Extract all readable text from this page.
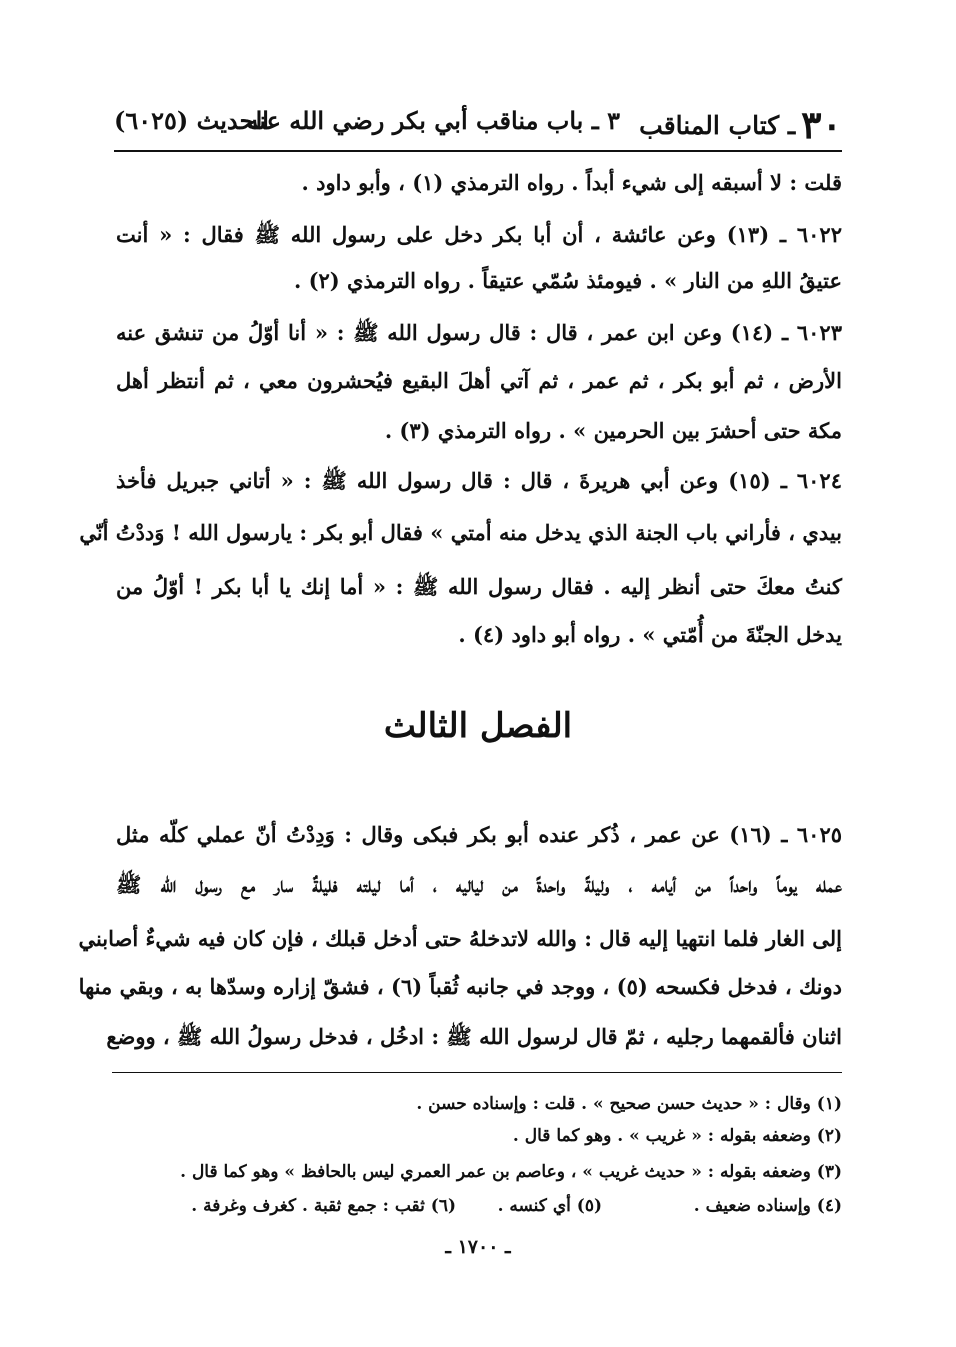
٣٠ـ كتاب المناقب
٣ ـ باب مناقب أبي بكر رضي الله عنه
الحديث (٦٠٢٥)
قلت : لا أسبقه إلى شيء أبداً . رواه الترمذي (١) ، وأبو داود .
٦٠٢٢ ـ (١٣) وعن عائشة ، أن أبا بكر دخل على رسول الله ﷺ فقال : « أنت
عتيقُ اللهِ من النار » . فيومئذ سُمّي عتيقاً . رواه الترمذي (٢) .
٦٠٢٣ ـ (١٤) وعن ابن عمر ، قال : قال رسول الله ﷺ : « أنا أوّلُ من تنشق عنه
الأرض ، ثم أبو بكر ، ثم عمر ، ثم آتي أهلَ البقيع فيُحشرون معي ، ثم أنتظر أهل
مكة حتى أحشرَ بين الحرمين » . رواه الترمذي (٣) .
٦٠٢٤ ـ (١٥) وعن أبي هريرةَ ، قال : قال رسول الله ﷺ : « أتاني جبريل فأخذ
بيدي ، فأراني باب الجنة الذي يدخل منه أمتي » فقال أبو بكر : يارسول الله ! وَددْتُ أنّي
كنتُ معكَ حتى أنظر إليه . فقال رسول الله ﷺ : « أما إنك يا أبا بكر ! أوّلُ من
يدخل الجنّةَ من أُمّتي » . رواه أبو داود (٤) .
الفصل الثالث
٦٠٢٥ ـ (١٦) عن عمر ، ذُكر عنده أبو بكر فبكى وقال : وَدِدْتُ أنّ عملي كلّه مثل
عمله يوماً واحداً من أيامه ، وليلةً واحدةً من لياليه ، أما ليلته فليلةٌ سار مع رسول الله ﷺ
إلى الغار فلما انتهيا إليه قال : والله لاتدخلهُ حتى أدخل قبلك ، فإن كان فيه شيءٌ أصابني
دونك ، فدخل فكسحه (٥) ، ووجد في جانبه ثُقباً (٦) ، فشقّ إزاره وسدّها به ، وبقي منها
اثنان فألقمهما رجليه ، ثمّ قال لرسول الله ﷺ : ادخُل ، فدخل رسولُ الله ﷺ ، ووضع
(١) وقال : « حديث حسن صحيح » . قلت : وإسناده حسن .
(٢) وضعفه بقوله : « غريب » . وهو كما قال .
(٣) وضعفه بقوله : « حديث غريب » ، وعاصم بن عمر العمري ليس بالحافظ » وهو كما قال .
(٤) وإسناده ضعيف .
(٥) أي كنسه .
(٦) ثقب : جمع ثقبة . كغرف وغرفة .
ـ ١٧٠٠ ـ
